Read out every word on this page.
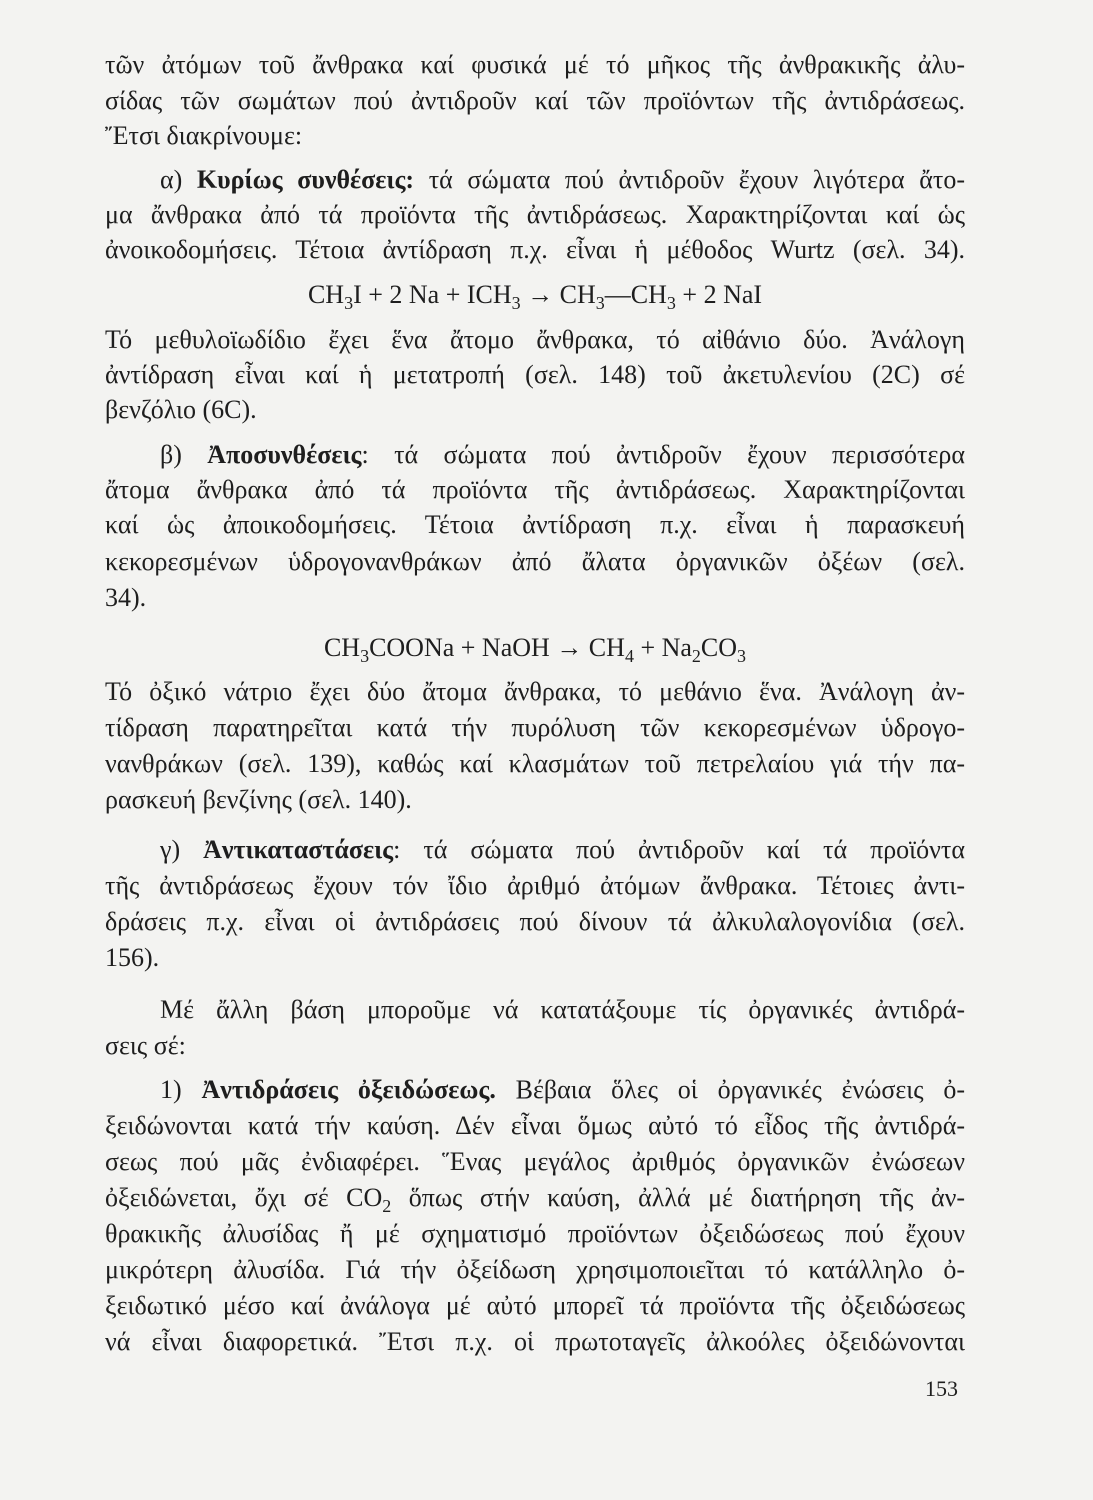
τῶν ἀτόμων τοῦ ἄνθρακα καί φυσικά μέ τό μῆκος τῆς ἀνθρακικῆς ἀλυ-
σίδας τῶν σωμάτων πού ἀντιδροῦν καί τῶν προϊόντων τῆς ἀντιδράσεως.
Ἔτσι διακρίνουμε:
α) Κυρίως συνθέσεις: τά σώματα πού ἀντιδροῦν ἔχουν λιγότερα ἄτο-
μα ἄνθρακα ἀπό τά προϊόντα τῆς ἀντιδράσεως. Χαρακτηρίζονται καί ὡς
ἀνοικοδομήσεις. Τέτοια ἀντίδραση π.χ. εἶναι ἡ μέθοδος Wurtz (σελ. 34).
$CH_3I + 2$ $Na + ICH_3$ → $CH_3—CH_3 + 2$ NaI
Τό μεθυλοϊωδίδιο ἔχει ἕνα ἄτομο ἄνθρακα, τό αἰθάνιο δύο. Ἀνάλογη
ἀντίδραση εἶναι καί ἡ μετατροπή (σελ. 148) τοῦ ἀκετυλενίου (2C) σέ
βενζόλιο (6C).
β) Ἀποσυνθέσεις: τά σώματα πού ἀντιδροῦν ἔχουν περισσότερα
ἄτομα ἄνθρακα ἀπό τά προϊόντα τῆς ἀντιδράσεως. Χαρακτηρίζονται
καί ὡς ἀποικοδομήσεις. Τέτοια ἀντίδραση π.χ. εἶναι ἡ παρασκευή
κεκορεσμένων ὑδρογονανθράκων ἀπό ἄλατα ὀργανικῶν ὀξέων (σελ.
34).
$CH_3COONa$ + NaOH → $CH_4 + Na_2CO_3$
Τό ὀξικό νάτριο ἔχει δύο ἄτομα ἄνθρακα, τό μεθάνιο ἕνα. Ἀνάλογη ἀν-
τίδραση παρατηρεῖται κατά τήν πυρόλυση τῶν κεκορεσμένων ὑδρογο-
νανθράκων (σελ. 139), καθώς καί κλασμάτων τοῦ πετρελαίου γιά τήν πα-
ρασκευή βενζίνης (σελ. 140).
γ) Ἀντικαταστάσεις: τά σώματα πού ἀντιδροῦν καί τά προϊόντα
τῆς ἀντιδράσεως ἔχουν τόν ἴδιο ἀριθμό ἀτόμων ἄνθρακα. Τέτοιες ἀντι-
δράσεις π.χ. εἶναι οἱ ἀντιδράσεις πού δίνουν τά ἀλκυλαλογονίδια (σελ.
156).
Μέ ἄλλη βάση μποροῦμε νά κατατάξουμε τίς ὀργανικές ἀντιδρά-
σεις σέ:
1) Ἀντιδράσεις ὀξειδώσεως. Βέβαια ὅλες οἱ ὀργανικές ἐνώσεις ὀ-
ξειδώνονται κατά τήν καύση. Δέν εἶναι ὅμως αὐτό τό εἶδος τῆς ἀντιδρά-
σεως πού μᾶς ἐνδιαφέρει. Ἕνας μεγάλος ἀριθμός ὀργανικῶν ἐνώσεων
ὀξειδώνεται, ὄχι σέ $CO_2$ ὅπως στήν καύση, ἀλλά μέ διατήρηση τῆς ἀν-
θρακικῆς ἀλυσίδας ἤ μέ σχηματισμό προϊόντων ὀξειδώσεως πού ἔχουν
μικρότερη ἀλυσίδα. Γιά τήν ὀξείδωση χρησιμοποιεῖται τό κατάλληλο ὀ-
ξειδωτικό μέσο καί ἀνάλογα μέ αὐτό μπορεῖ τά προϊόντα τῆς ὀξειδώσεως
νά εἶναι διαφορετικά. Ἔτσι π.χ. οἱ πρωτοταγεῖς ἀλκοόλες ὀξειδώνονται
153
